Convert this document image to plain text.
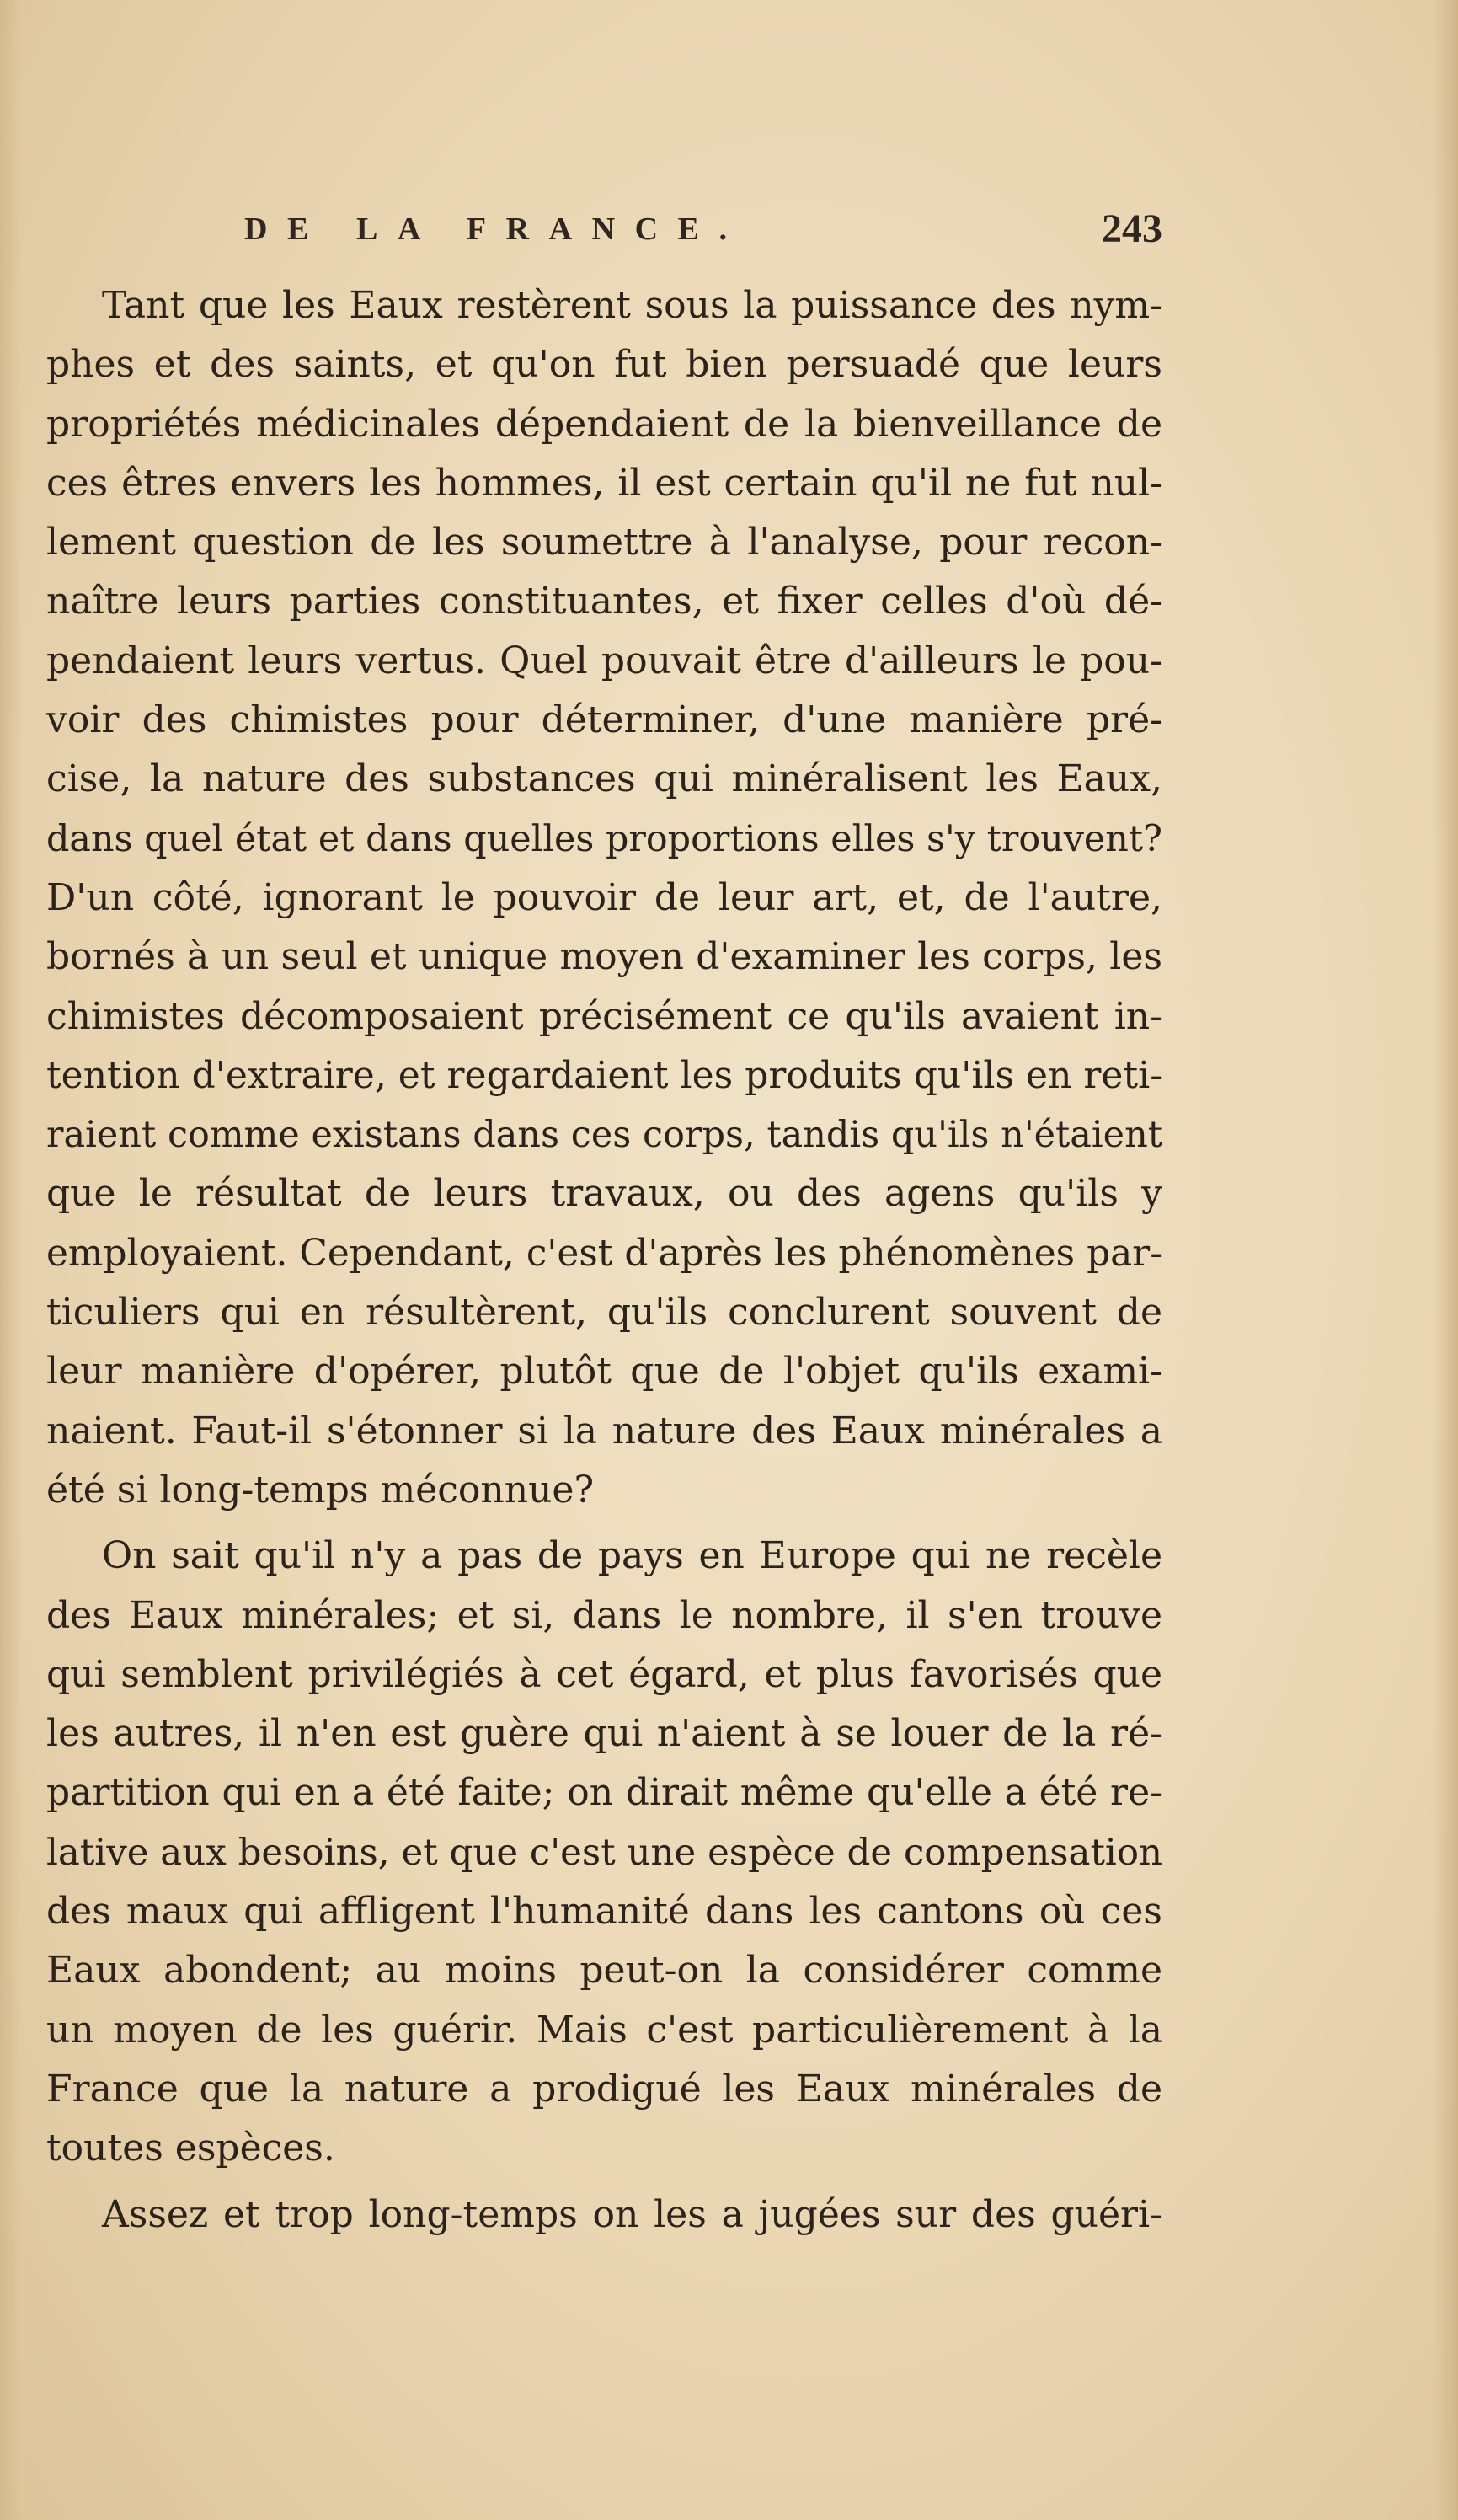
DE LA FRANCE.	243

Tant que les Eaux restèrent sous la puissance des nym-
phes et des saints, et qu'on fut bien persuadé que leurs
propriétés médicinales dépendaient de la bienveillance de
ces êtres envers les hommes, il est certain qu'il ne fut nul-
lement question de les soumettre à l'analyse, pour recon-
naître leurs parties constituantes, et fixer celles d'où dé-
pendaient leurs vertus. Quel pouvait être d'ailleurs le pou-
voir des chimistes pour déterminer, d'une manière pré-
cise, la nature des substances qui minéralisent les Eaux,
dans quel état et dans quelles proportions elles s'y trouvent?
D'un côté, ignorant le pouvoir de leur art, et, de l'autre,
bornés à un seul et unique moyen d'examiner les corps, les
chimistes décomposaient précisément ce qu'ils avaient in-
tention d'extraire, et regardaient les produits qu'ils en reti-
raient comme existans dans ces corps, tandis qu'ils n'étaient
que le résultat de leurs travaux, ou des agens qu'ils y
employaient. Cependant, c'est d'après les phénomènes par-
ticuliers qui en résultèrent, qu'ils conclurent souvent de
leur manière d'opérer, plutôt que de l'objet qu'ils exami-
naient. Faut-il s'étonner si la nature des Eaux minérales a
été si long-temps méconnue?

On sait qu'il n'y a pas de pays en Europe qui ne recèle
des Eaux minérales; et si, dans le nombre, il s'en trouve
qui semblent privilégiés à cet égard, et plus favorisés que
les autres, il n'en est guère qui n'aient à se louer de la ré-
partition qui en a été faite; on dirait même qu'elle a été re-
lative aux besoins, et que c'est une espèce de compensation
des maux qui affligent l'humanité dans les cantons où ces
Eaux abondent; au moins peut-on la considérer comme
un moyen de les guérir. Mais c'est particulièrement à la
France que la nature a prodigué les Eaux minérales de
toutes espèces.

Assez et trop long-temps on les a jugées sur des guéri-
